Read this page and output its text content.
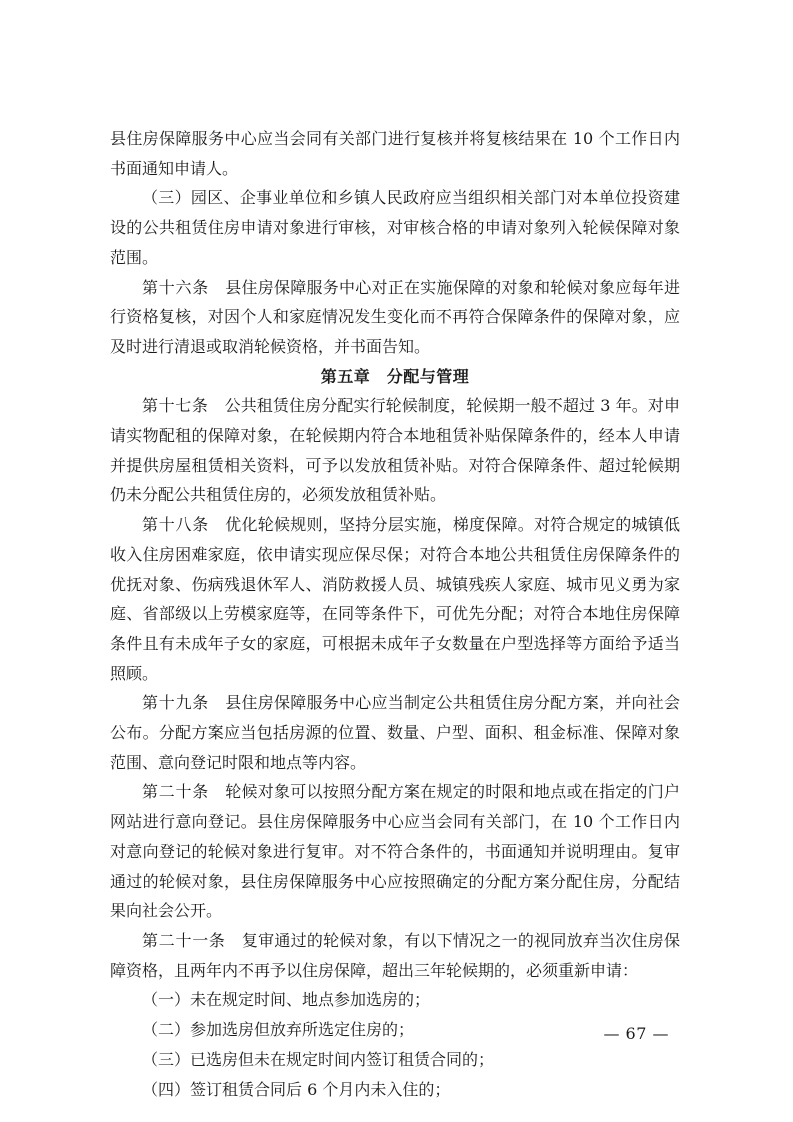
县住房保障服务中心应当会同有关部门进行复核并将复核结果在 10 个工作日内书面通知申请人。

（三）园区、企事业单位和乡镇人民政府应当组织相关部门对本单位投资建设的公共租赁住房申请对象进行审核，对审核合格的申请对象列入轮候保障对象范围。

第十六条　 县住房保障服务中心对正在实施保障的对象和轮候对象应每年进行资格复核，对因个人和家庭情况发生变化而不再符合保障条件的保障对象，应及时进行清退或取消轮候资格，并书面告知。

第五章　分配与管理

第十七条　 公共租赁住房分配实行轮候制度，轮候期一般不超过 3 年。对申请实物配租的保障对象，在轮候期内符合本地租赁补贴保障条件的，经本人申请并提供房屋租赁相关资料，可予以发放租赁补贴。对符合保障条件、超过轮候期仍未分配公共租赁住房的，必须发放租赁补贴。

第十八条　 优化轮候规则，坚持分层实施，梯度保障。对符合规定的城镇低收入住房困难家庭，依申请实现应保尽保；对符合本地公共租赁住房保障条件的优抚对象、伤病残退休军人、消防救援人员、城镇残疾人家庭、城市见义勇为家庭、省部级以上劳模家庭等，在同等条件下，可优先分配；对符合本地住房保障条件且有未成年子女的家庭，可根据未成年子女数量在户型选择等方面给予适当照顾。

第十九条　 县住房保障服务中心应当制定公共租赁住房分配方案，并向社会公布。分配方案应当包括房源的位置、数量、户型、面积、租金标准、保障对象范围、意向登记时限和地点等内容。

第二十条　 轮候对象可以按照分配方案在规定的时限和地点或在指定的门户网站进行意向登记。县住房保障服务中心应当会同有关部门，在 10 个工作日内对意向登记的轮候对象进行复审。对不符合条件的，书面通知并说明理由。复审通过的轮候对象，县住房保障服务中心应按照确定的分配方案分配住房，分配结果向社会公开。

第二十一条　 复审通过的轮候对象，有以下情况之一的视同放弃当次住房保障资格，且两年内不再予以住房保障，超出三年轮候期的，必须重新申请：

（一）未在规定时间、地点参加选房的；

（二）参加选房但放弃所选定住房的；

（三）已选房但未在规定时间内签订租赁合同的；

（四）签订租赁合同后 6 个月内未入住的；

— 67 —
